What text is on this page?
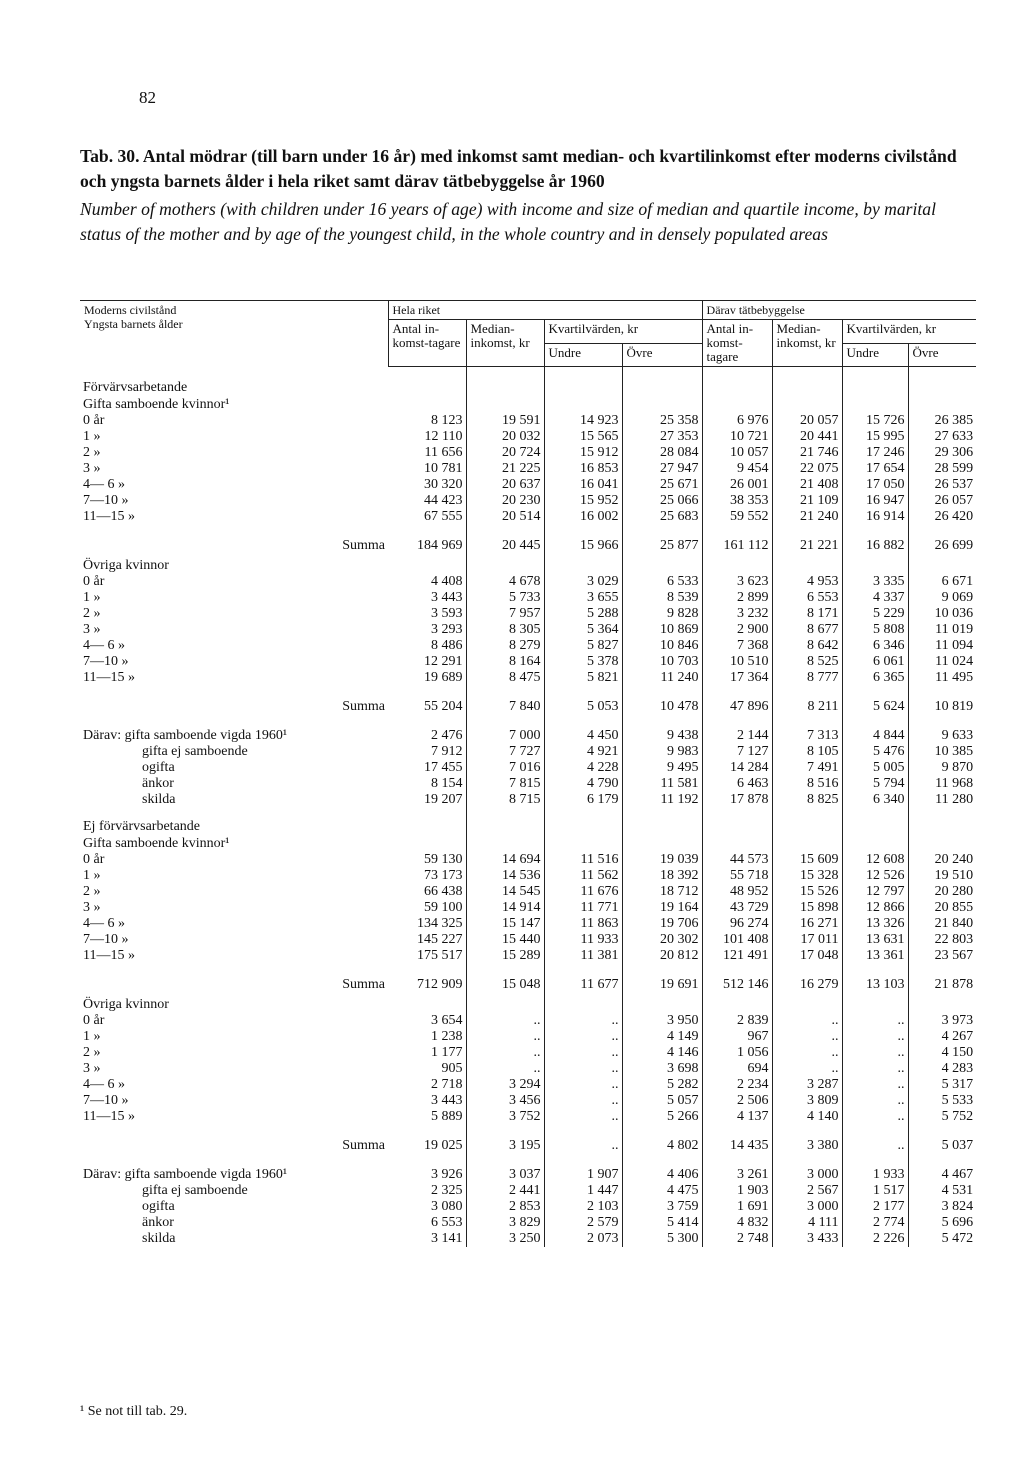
82

Tab. 30. Antal mödrar (till barn under 16 år) med inkomst samt median- och kvartilinkomst efter moderns civilstånd och yngsta barnets ålder i hela riket samt därav tätbebyggelse år 1960

Number of mothers (with children under 16 years of age) with income and size of median and quartile income, by marital status of the mother and by age of the youngest child, in the whole country and in densely populated areas

Moderns civilstånd
Yngsta barnets ålder	Hela riket				Därav tätbebyggelse			
	Antal in-komst-tagare	Median-inkomst, kr	Kvartilvärden, kr		Antal in-komst-tagare	Median-inkomst, kr	Kvartilvärden, kr	
			Undre	Övre			Undre	Övre

Förvärvsarbetande								
Gifta samboende kvinnor¹								
0 år	8 123	19 591	14 923	25 358	6 976	20 057	15 726	26 385
1 »	12 110	20 032	15 565	27 353	10 721	20 441	15 995	27 633
2 »	11 656	20 724	15 912	28 084	10 057	21 746	17 246	29 306
3 »	10 781	21 225	16 853	27 947	9 454	22 075	17 654	28 599
4— 6 »	30 320	20 637	16 041	25 671	26 001	21 408	17 050	26 537
7—10 »	44 423	20 230	15 952	25 066	38 353	21 109	16 947	26 057
11—15 »	67 555	20 514	16 002	25 683	59 552	21 240	16 914	26 420

Summa	184 969	20 445	15 966	25 877	161 112	21 221	16 882	26 699
Övriga kvinnor								
0 år	4 408	4 678	3 029	6 533	3 623	4 953	3 335	6 671
1 »	3 443	5 733	3 655	8 539	2 899	6 553	4 337	9 069
2 »	3 593	7 957	5 288	9 828	3 232	8 171	5 229	10 036
3 »	3 293	8 305	5 364	10 869	2 900	8 677	5 808	11 019
4— 6 »	8 486	8 279	5 827	10 846	7 368	8 642	6 346	11 094
7—10 »	12 291	8 164	5 378	10 703	10 510	8 525	6 061	11 024
11—15 »	19 689	8 475	5 821	11 240	17 364	8 777	6 365	11 495

Summa	55 204	7 840	5 053	10 478	47 896	8 211	5 624	10 819

Därav: gifta samboende vigda 1960¹	2 476	7 000	4 450	9 438	2 144	7 313	4 844	9 633
gifta ej samboende	7 912	7 727	4 921	9 983	7 127	8 105	5 476	10 385
ogifta	17 455	7 016	4 228	9 495	14 284	7 491	5 005	9 870
änkor	8 154	7 815	4 790	11 581	6 463	8 516	5 794	11 968
skilda	19 207	8 715	6 179	11 192	17 878	8 825	6 340	11 280

Ej förvärvsarbetande								
Gifta samboende kvinnor¹								
0 år	59 130	14 694	11 516	19 039	44 573	15 609	12 608	20 240
1 »	73 173	14 536	11 562	18 392	55 718	15 328	12 526	19 510
2 »	66 438	14 545	11 676	18 712	48 952	15 526	12 797	20 280
3 »	59 100	14 914	11 771	19 164	43 729	15 898	12 866	20 855
4— 6 »	134 325	15 147	11 863	19 706	96 274	16 271	13 326	21 840
7—10 »	145 227	15 440	11 933	20 302	101 408	17 011	13 631	22 803
11—15 »	175 517	15 289	11 381	20 812	121 491	17 048	13 361	23 567

Summa	712 909	15 048	11 677	19 691	512 146	16 279	13 103	21 878
Övriga kvinnor								
0 år	3 654	..	..	3 950	2 839	..	..	3 973
1 »	1 238	..	..	4 149	967	..	..	4 267
2 »	1 177	..	..	4 146	1 056	..	..	4 150
3 »	905	..	..	3 698	694	..	..	4 283
4— 6 »	2 718	3 294	..	5 282	2 234	3 287	..	5 317
7—10 »	3 443	3 456	..	5 057	2 506	3 809	..	5 533
11—15 »	5 889	3 752	..	5 266	4 137	4 140	..	5 752

Summa	19 025	3 195	..	4 802	14 435	3 380	..	5 037

Därav: gifta samboende vigda 1960¹	3 926	3 037	1 907	4 406	3 261	3 000	1 933	4 467
gifta ej samboende	2 325	2 441	1 447	4 475	1 903	2 567	1 517	4 531
ogifta	3 080	2 853	2 103	3 759	1 691	3 000	2 177	3 824
änkor	6 553	3 829	2 579	5 414	4 832	4 111	2 774	5 696
skilda	3 141	3 250	2 073	5 300	2 748	3 433	2 226	5 472
¹ Se not till tab. 29.
